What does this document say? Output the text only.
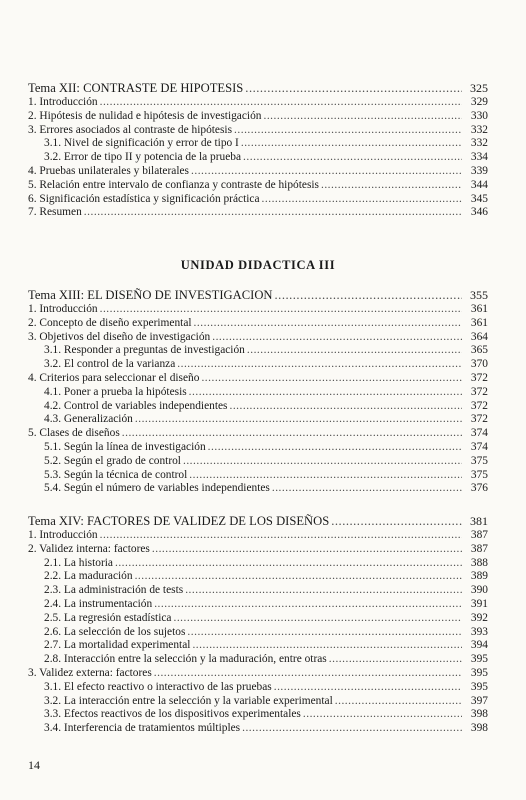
Tema XII: CONTRASTE DE HIPOTESIS .....	325
1. Introducción .....	329
2. Hipótesis de nulidad e hipótesis de investigación .....	330
3. Errores asociados al contraste de hipótesis .....	332
3.1. Nivel de significación y error de tipo I .....	332
3.2. Error de tipo II y potencia de la prueba .....	334
4. Pruebas unilaterales y bilaterales .....	339
5. Relación entre intervalo de confianza y contraste de hipótesis .....	344
6. Significación estadística y significación práctica .....	345
7. Resumen .....	346
UNIDAD DIDACTICA III
Tema XIII: EL DISEÑO DE INVESTIGACION .....	355
1. Introducción .....	361
2. Concepto de diseño experimental .....	361
3. Objetivos del diseño de investigación .....	364
3.1. Responder a preguntas de investigación .....	365
3.2. El control de la varianza .....	370
4. Criterios para seleccionar el diseño .....	372
4.1. Poner a prueba la hipótesis .....	372
4.2. Control de variables independientes .....	372
4.3. Generalización .....	372
5. Clases de diseños .....	374
5.1. Según la línea de investigación .....	374
5.2. Según el grado de control .....	375
5.3. Según la técnica de control .....	375
5.4. Según el número de variables independientes .....	376
Tema XIV: FACTORES DE VALIDEZ DE LOS DISEÑOS .....	381
1. Introducción .....	387
2. Validez interna: factores .....	387
2.1. La historia .....	388
2.2. La maduración .....	389
2.3. La administración de tests .....	390
2.4. La instrumentación .....	391
2.5. La regresión estadística .....	392
2.6. La selección de los sujetos .....	393
2.7. La mortalidad experimental .....	394
2.8. Interacción entre la selección y la maduración, entre otras .....	395
3. Validez externa: factores .....	395
3.1. El efecto reactivo o interactivo de las pruebas .....	395
3.2. La interacción entre la selección y la variable experimental .....	397
3.3. Efectos reactivos de los dispositivos experimentales .....	398
3.4. Interferencia de tratamientos múltiples .....	398
14
